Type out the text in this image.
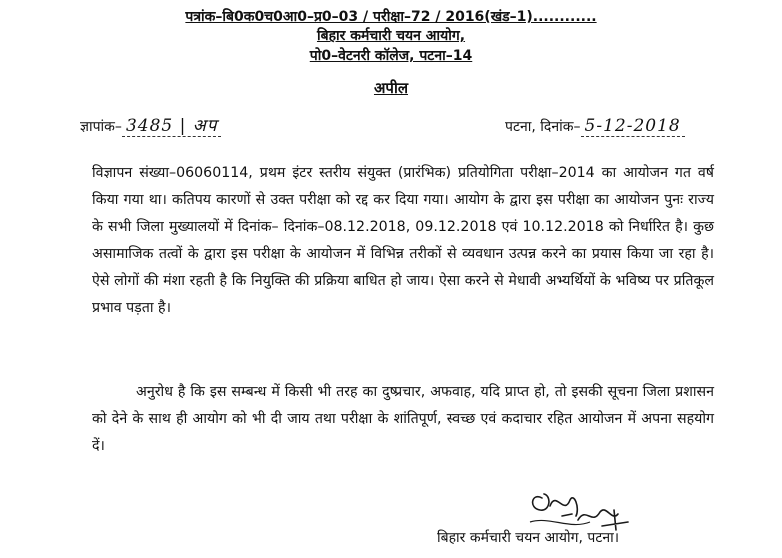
पत्रांक–बि0क0च0आ0–प्र0–03 / परीक्षा–72 / 2016(खंड–1)............
बिहार कर्मचारी चयन आयोग,
पो0–वेटनरी कॉलेज, पटना–14
अपील
ज्ञापांक– 3485 | अप	पटना, दिनांक– 5-12-2018

विज्ञापन संख्या–06060114, प्रथम इंटर स्तरीय संयुक्त (प्रारंभिक) प्रतियोगिता परीक्षा–2014 का आयोजन गत वर्ष किया गया था। कतिपय कारणों से उक्त परीक्षा को रद्द कर दिया गया। आयोग के द्वारा इस परीक्षा का आयोजन पुनः राज्य के सभी जिला मुख्यालयों में दिनांक– दिनांक–08.12.2018, 09.12.2018 एवं 10.12.2018 को निर्धारित है। कुछ असामाजिक तत्वों के द्वारा इस परीक्षा के आयोजन में विभिन्न तरीकों से व्यवधान उत्पन्न करने का प्रयास किया जा रहा है। ऐसे लोगों की मंशा रहती है कि नियुक्ति की प्रक्रिया बाधित हो जाय। ऐसा करने से मेधावी अभ्यर्थियों के भविष्य पर प्रतिकूल प्रभाव पड़ता है।

अनुरोध है कि इस सम्बन्ध में किसी भी तरह का दुष्प्रचार, अफवाह, यदि प्राप्त हो, तो इसकी सूचना जिला प्रशासन को देने के साथ ही आयोग को भी दी जाय तथा परीक्षा के शांतिपूर्ण, स्वच्छ एवं कदाचार रहित आयोजन में अपना सहयोग दें।

बिहार कर्मचारी चयन आयोग, पटना।
